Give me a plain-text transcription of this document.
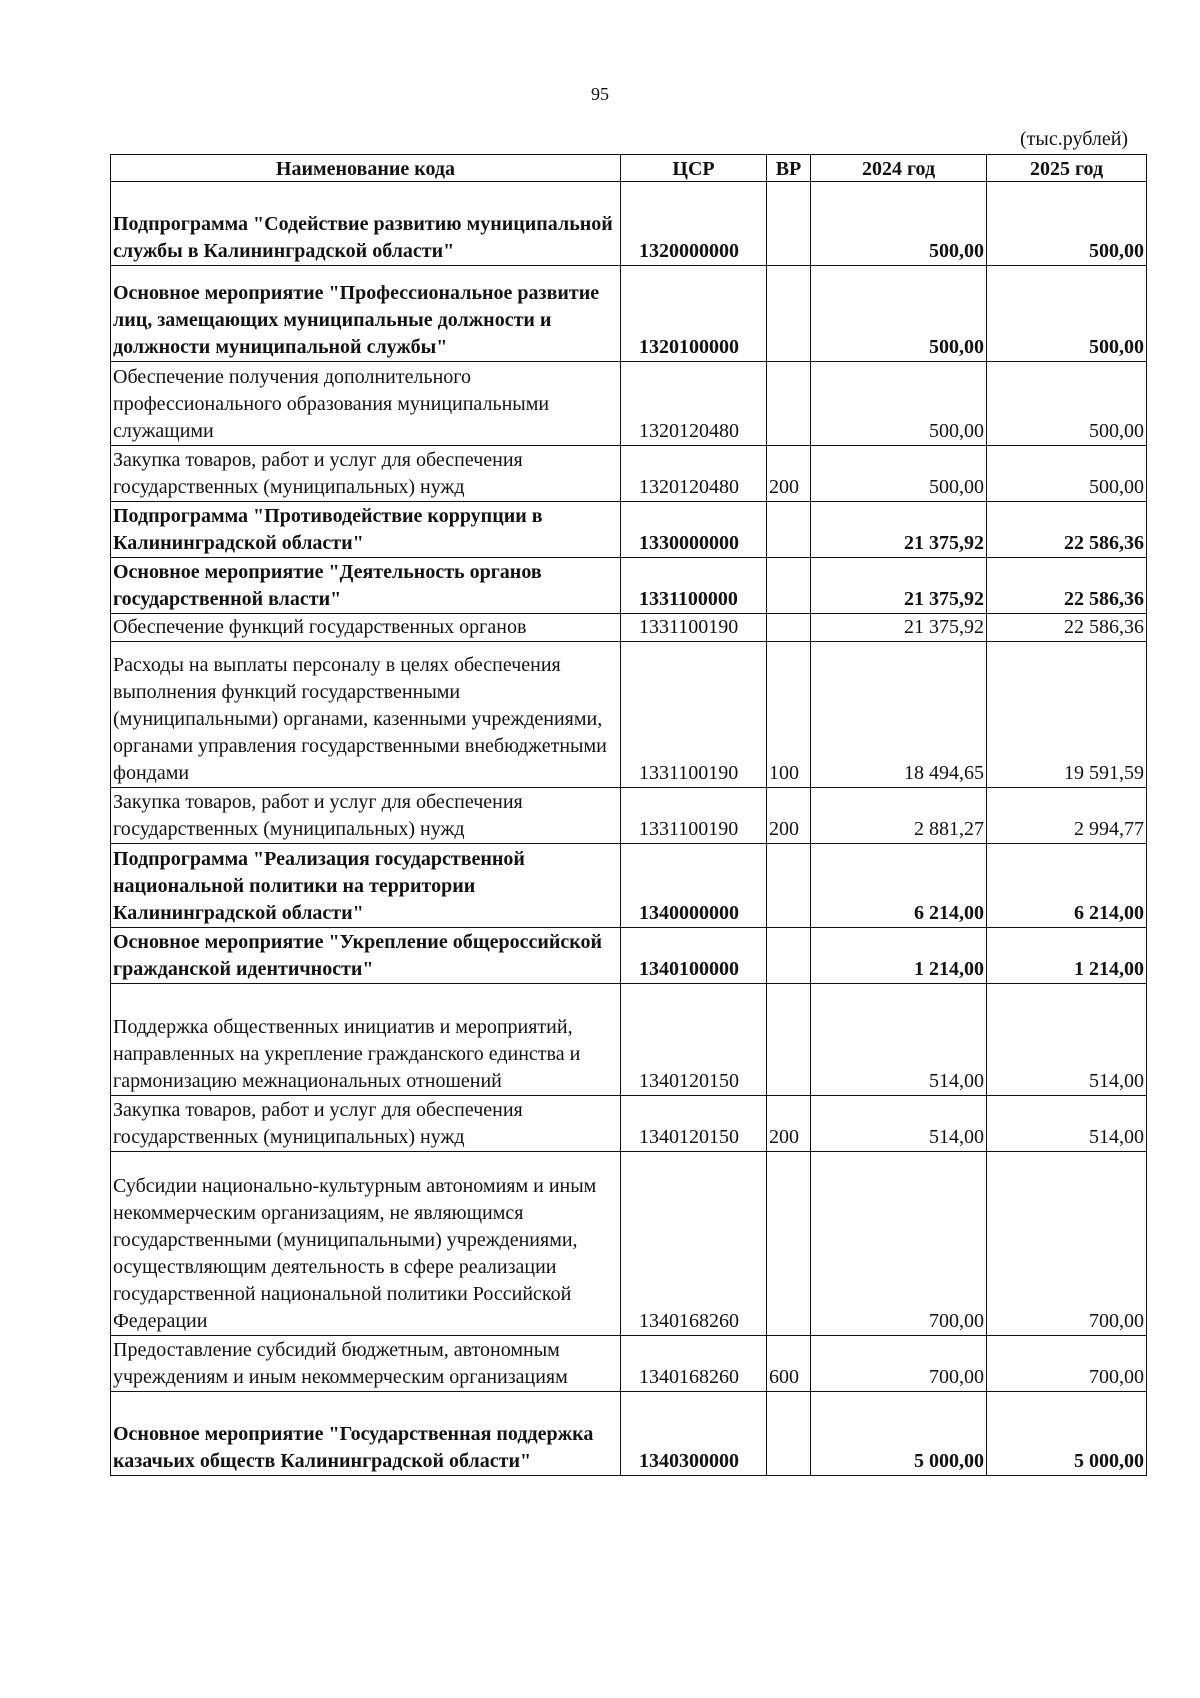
95
(тыс.рублей)
Наименование кода	ЦСР	ВР	2024 год	2025 год
Подпрограмма "Содействие развитию муниципальной службы в Калининградской области"	1320000000		500,00	500,00
Основное мероприятие "Профессиональное развитие лиц, замещающих муниципальные должности и должности муниципальной службы"	1320100000		500,00	500,00
Обеспечение получения дополнительного профессионального образования муниципальными служащими	1320120480		500,00	500,00
Закупка товаров, работ и услуг для обеспечения государственных (муниципальных) нужд	1320120480	200	500,00	500,00
Подпрограмма "Противодействие коррупции в Калининградской области"	1330000000		21 375,92	22 586,36
Основное мероприятие "Деятельность органов государственной власти"	1331100000		21 375,92	22 586,36
Обеспечение функций государственных органов	1331100190		21 375,92	22 586,36
Расходы на выплаты персоналу в целях обеспечения выполнения функций государственными (муниципальными) органами, казенными учреждениями, органами управления государственными внебюджетными фондами	1331100190	100	18 494,65	19 591,59
Закупка товаров, работ и услуг для обеспечения государственных (муниципальных) нужд	1331100190	200	2 881,27	2 994,77
Подпрограмма "Реализация государственной национальной политики на территории Калининградской области"	1340000000		6 214,00	6 214,00
Основное мероприятие "Укрепление общероссийской гражданской идентичности"	1340100000		1 214,00	1 214,00
Поддержка общественных инициатив и мероприятий, направленных на укрепление гражданского единства и гармонизацию межнациональных отношений	1340120150		514,00	514,00
Закупка товаров, работ и услуг для обеспечения государственных (муниципальных) нужд	1340120150	200	514,00	514,00
Субсидии национально-культурным автономиям и иным некоммерческим организациям, не являющимся государственными (муниципальными) учреждениями, осуществляющим деятельность в сфере реализации государственной национальной политики Российской Федерации	1340168260		700,00	700,00
Предоставление субсидий бюджетным, автономным учреждениям и иным некоммерческим организациям	1340168260	600	700,00	700,00
Основное мероприятие "Государственная поддержка казачьих обществ Калининградской области"	1340300000		5 000,00	5 000,00
